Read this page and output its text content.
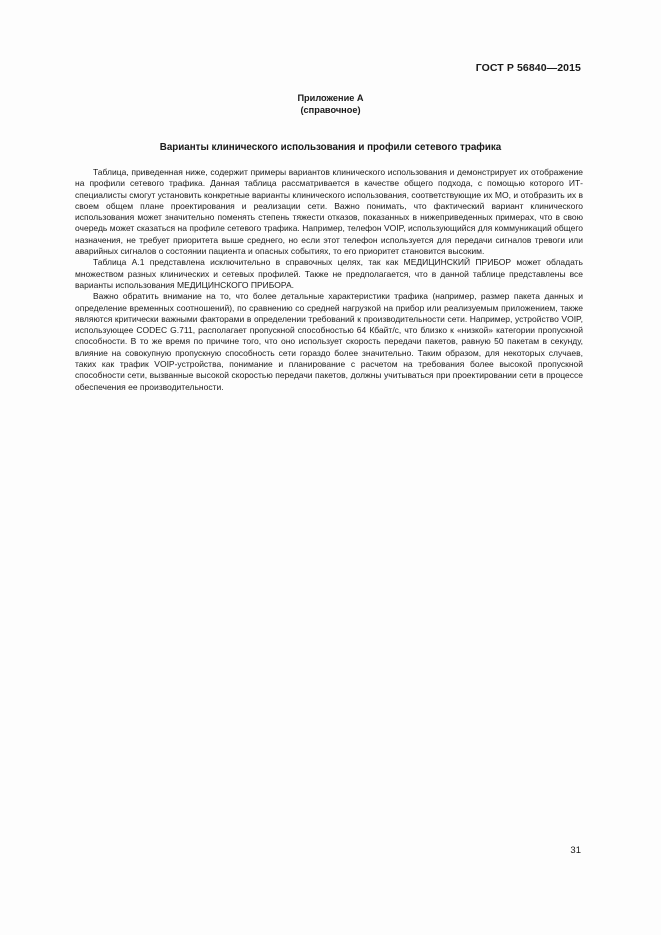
ГОСТ Р 56840—2015
Приложение А
(справочное)
Варианты клинического использования и профили сетевого трафика

Таблица, приведенная ниже, содержит примеры вариантов клинического использования и демонстрирует их отображение на профили сетевого трафика. Данная таблица рассматривается в качестве общего подхода, с помощью которого ИТ-специалисты смогут установить конкретные варианты клинического использования, соответствующие их МО, и отобразить их в своем общем плане проектирования и реализации сети. Важно понимать, что фактический вариант клинического использования может значительно поменять степень тяжести отказов, показанных в нижеприведенных примерах, что в свою очередь может сказаться на профиле сетевого трафика. Например, телефон VOIP, использующийся для коммуникаций общего назначения, не требует приоритета выше среднего, но если этот телефон используется для передачи сигналов тревоги или аварийных сигналов о состоянии пациента и опасных событиях, то его приоритет становится высоким.

Таблица А.1 представлена исключительно в справочных целях, так как МЕДИЦИНСКИЙ ПРИБОР может обладать множеством разных клинических и сетевых профилей. Также не предполагается, что в данной таблице представлены все варианты использования МЕДИЦИНСКОГО ПРИБОРА.

Важно обратить внимание на то, что более детальные характеристики трафика (например, размер пакета данных и определение временных соотношений), по сравнению со средней нагрузкой на прибор или реализуемым приложением, также являются критически важными факторами в определении требований к производительности сети. Например, устройство VOIP, использующее CODEC G.711, располагает пропускной способностью 64 Кбайт/с, что близко к «низкой» категории пропускной способности. В то же время по причине того, что оно использует скорость передачи пакетов, равную 50 пакетам в секунду, влияние на совокупную пропускную способность сети гораздо более значительно. Таким образом, для некоторых случаев, таких как трафик VOIP-устройства, понимание и планирование с расчетом на требования более высокой пропускной способности сети, вызванные высокой скоростью передачи пакетов, должны учитываться при проектировании сети в процессе обеспечения ее производительности.

31
